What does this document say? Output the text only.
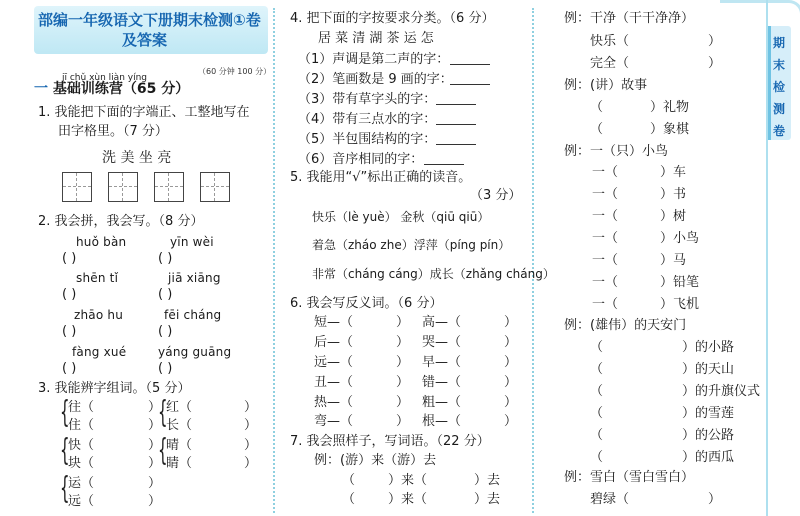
期
末
检
测
卷
部编一年级语文下册期末检测①卷
及答案
（60 分钟 100 分）
jī chǔ xùn liàn yíng
一 基础训练营（65 分）
1. 我能把下面的字端正、工整地写在
田字格里。（7 分）
洗 美 坐 亮
2. 我会拼，我会写。（8 分）
huǒ bàn	yīn wèi
( )	( )
shēn tǐ	jiā xiāng
( )	( )
zhāo hu	fēi cháng
( )	( )
fàng xué	yáng guāng
( )	( )
3. 我能辨字组词。（5 分）
{	{
{	{
{
往（	） 红（	）
住（	） 长（	）
快（	） 晴（	）
块（	） 睛（	）
运（	）
远（	）
4. 把下面的字按要求分类。（6 分）
居 菜 清 湖 茶 运 怎
（1）声调是第二声的字：
（2）笔画数是 9 画的字：
（3）带有草字头的字：
（4）带有三点水的字：
（5）半包围结构的字：
（6）音序相同的字：
5. 我能用“√”标出正确的读音。
（3 分）
快乐（lè yuè） 金秋（qiū qiū）
着急（zháo zhe）浮萍（píng pín）
非常（cháng cáng）成长（zhǎng cháng）
6. 我会写反义词。（6 分）
短—（	） 高—（	）
后—（	） 哭—（	）
远—（	） 早—（	）
丑—（	） 错—（	）
热—（	） 粗—（	）
弯—（	） 根—（	）
7. 我会照样子，写词语。（22 分）
例：(游）来（游）去
（	）来（	）去
（	）来（	）去
例：干净（干干净净）
快乐（	）
完全（	）
例：(讲）故事
（	）礼物
（	）象棋
例：一（只）小鸟
一（	）车
一（	）书
一（	）树
一（	）小鸟
一（	）马
一（	）铅笔
一（	）飞机
例：(雄伟）的天安门
（	）的小路
（	）的天山
（	）的升旗仪式
（	）的雪莲
（	）的公路
（	）的西瓜
例：雪白（雪白雪白）
碧绿（	）
